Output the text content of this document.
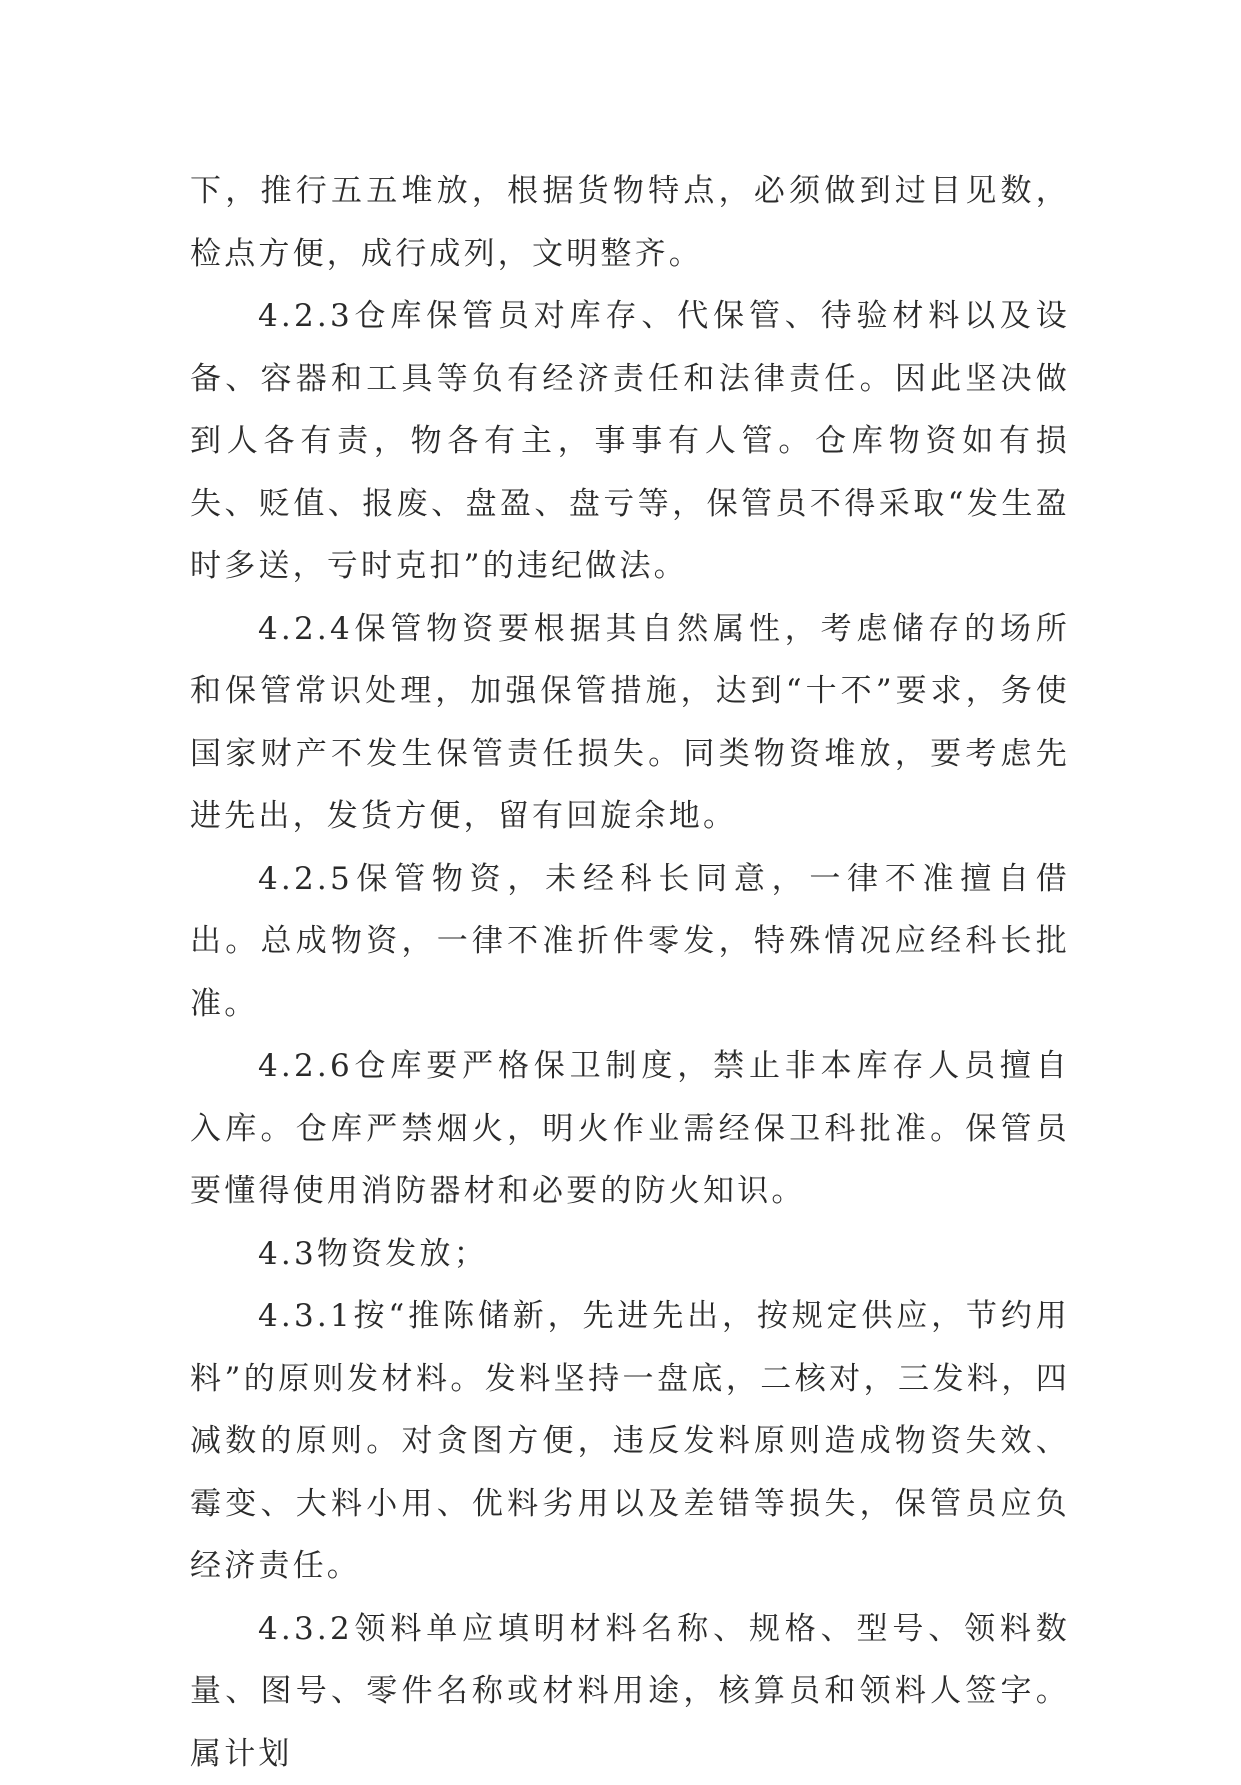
下，推行五五堆放，根据货物特点，必须做到过目见数，检点方便，成行成列，文明整齐。

4.2.3仓库保管员对库存、代保管、待验材料以及设备、容器和工具等负有经济责任和法律责任。因此坚决做到人各有责，物各有主，事事有人管。仓库物资如有损失、贬值、报废、盘盈、盘亏等，保管员不得采取“发生盈时多送，亏时克扣”的违纪做法。

4.2.4保管物资要根据其自然属性，考虑储存的场所和保管常识处理，加强保管措施，达到“十不”要求，务使国家财产不发生保管责任损失。同类物资堆放，要考虑先进先出，发货方便，留有回旋余地。

4.2.5保管物资，未经科长同意，一律不准擅自借出。总成物资，一律不准折件零发，特殊情况应经科长批准。

4.2.6仓库要严格保卫制度，禁止非本库存人员擅自入库。仓库严禁烟火，明火作业需经保卫科批准。保管员要懂得使用消防器材和必要的防火知识。

4.3物资发放；

4.3.1按“推陈储新，先进先出，按规定供应，节约用料”的原则发材料。发料坚持一盘底，二核对，三发料，四减数的原则。对贪图方便，违反发料原则造成物资失效、霉变、大料小用、优料劣用以及差错等损失，保管员应负经济责任。

4.3.2领料单应填明材料名称、规格、型号、领料数量、图号、零件名称或材料用途，核算员和领料人签字。属计划
